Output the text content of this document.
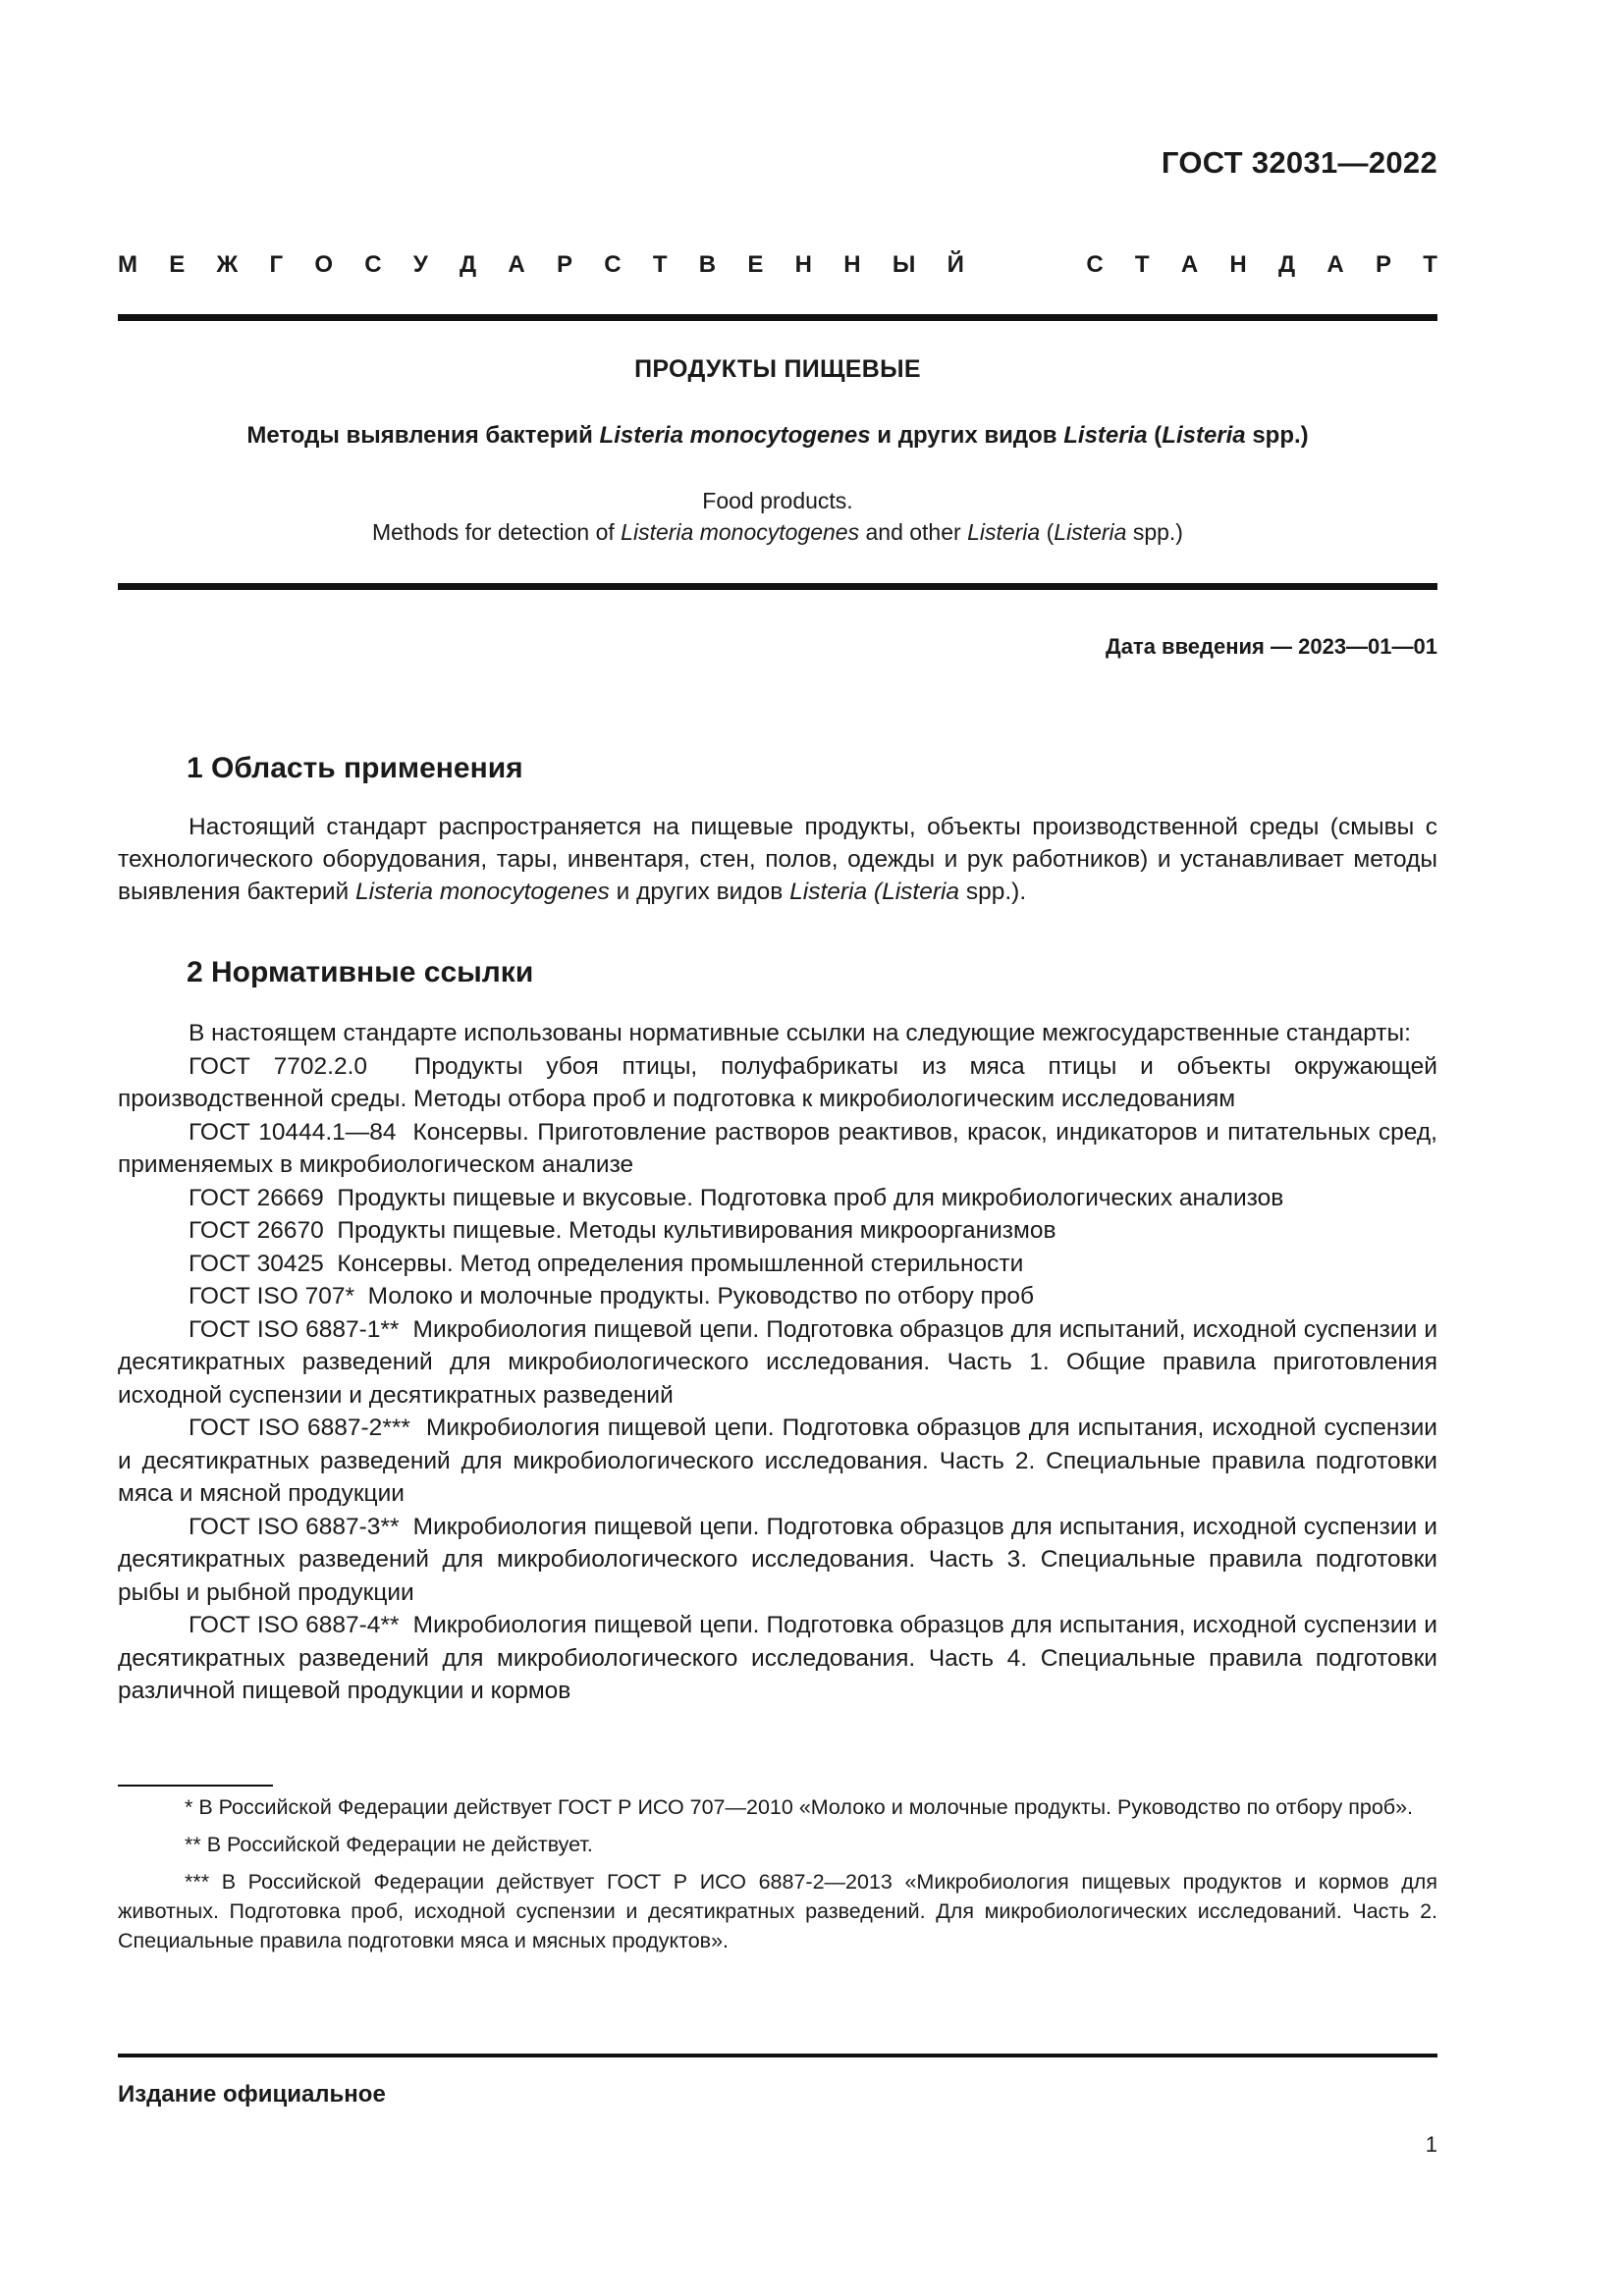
ГОСТ 32031—2022
М Е Ж Г О С У Д А Р С Т В Е Н Н Ы Й	С Т А Н Д А Р Т
ПРОДУКТЫ ПИЩЕВЫЕ
Методы выявления бактерий Listeria monocytogenes и других видов Listeria (Listeria spp.)
Food products.
Methods for detection of Listeria monocytogenes and other Listeria (Listeria spp.)
Дата введения — 2023—01—01
1 Область применения

Настоящий стандарт распространяется на пищевые продукты, объекты производственной среды (смывы с технологического оборудования, тары, инвентаря, стен, полов, одежды и рук работников) и устанавливает методы выявления бактерий Listeria monocytogenes и других видов Listeria (Listeria spp.).

2 Нормативные ссылки

В настоящем стандарте использованы нормативные ссылки на следующие межгосударственные стандарты:

ГОСТ 7702.2.0 Продукты убоя птицы, полуфабрикаты из мяса птицы и объекты окружающей производственной среды. Методы отбора проб и подготовка к микробиологическим исследованиям

ГОСТ 10444.1—84 Консервы. Приготовление растворов реактивов, красок, индикаторов и питательных сред, применяемых в микробиологическом анализе

ГОСТ 26669 Продукты пищевые и вкусовые. Подготовка проб для микробиологических анализов

ГОСТ 26670 Продукты пищевые. Методы культивирования микроорганизмов

ГОСТ 30425 Консервы. Метод определения промышленной стерильности

ГОСТ ISO 707* Молоко и молочные продукты. Руководство по отбору проб

ГОСТ ISO 6887-1** Микробиология пищевой цепи. Подготовка образцов для испытаний, исходной суспензии и десятикратных разведений для микробиологического исследования. Часть 1. Общие правила приготовления исходной суспензии и десятикратных разведений

ГОСТ ISO 6887-2*** Микробиология пищевой цепи. Подготовка образцов для испытания, исходной суспензии и десятикратных разведений для микробиологического исследования. Часть 2. Специальные правила подготовки мяса и мясной продукции

ГОСТ ISO 6887-3** Микробиология пищевой цепи. Подготовка образцов для испытания, исходной суспензии и десятикратных разведений для микробиологического исследования. Часть 3. Специальные правила подготовки рыбы и рыбной продукции

ГОСТ ISO 6887-4** Микробиология пищевой цепи. Подготовка образцов для испытания, исходной суспензии и десятикратных разведений для микробиологического исследования. Часть 4. Специальные правила подготовки различной пищевой продукции и кормов

* В Российской Федерации действует ГОСТ Р ИСО 707—2010 «Молоко и молочные продукты. Руководство по отбору проб».

** В Российской Федерации не действует.

*** В Российской Федерации действует ГОСТ Р ИСО 6887-2—2013 «Микробиология пищевых продуктов и кормов для животных. Подготовка проб, исходной суспензии и десятикратных разведений. Для микробиологических исследований. Часть 2. Специальные правила подготовки мяса и мясных продуктов».

Издание официальное
1
